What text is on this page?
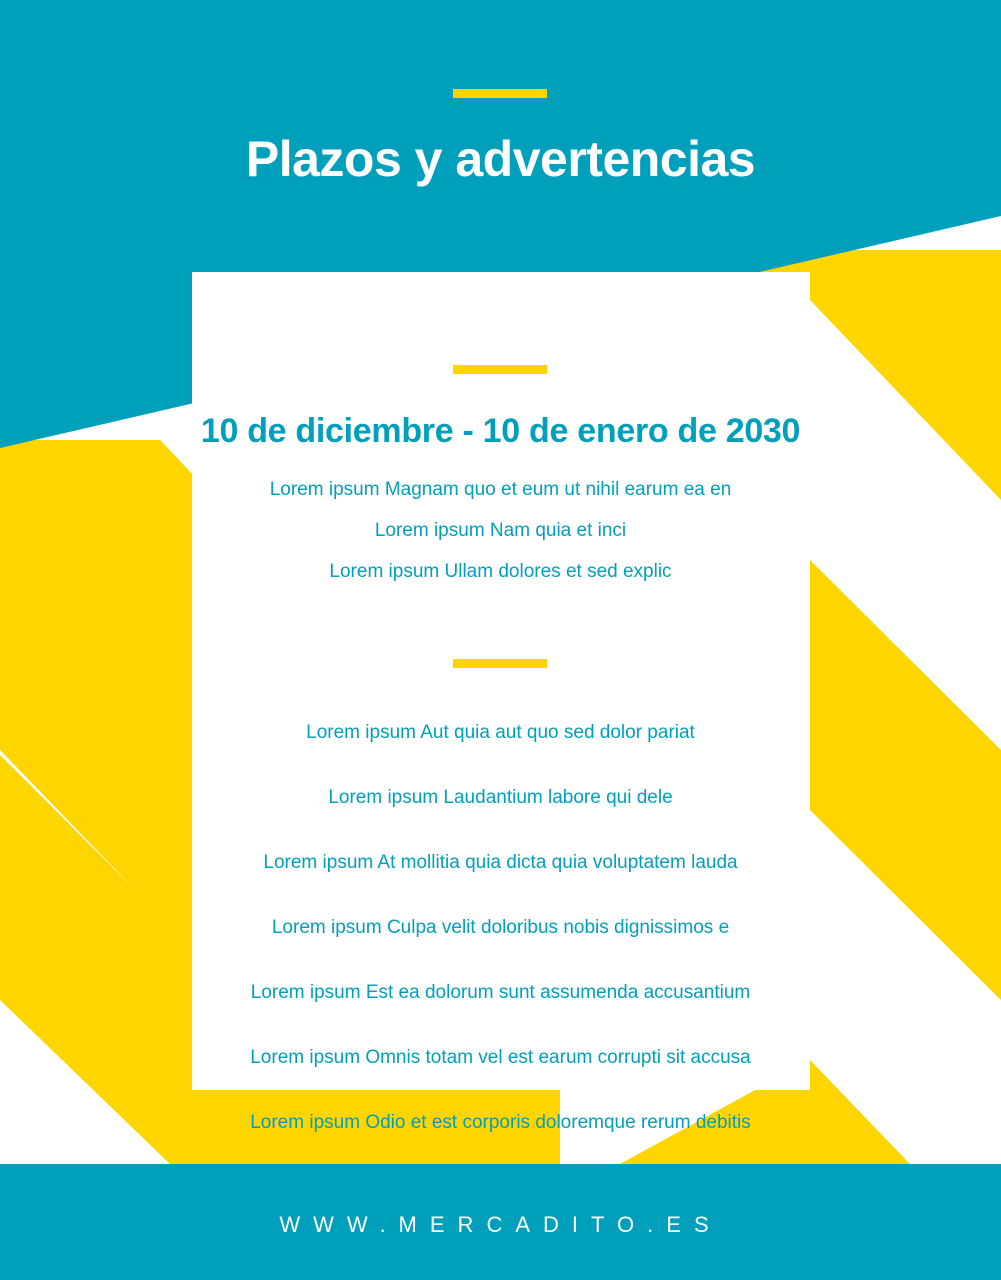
Plazos y advertencias
10 de diciembre - 10 de enero de 2030

Lorem ipsum Magnam quo et eum ut nihil earum ea en

Lorem ipsum Nam quia et inci

Lorem ipsum Ullam dolores et sed explic

Lorem ipsum Aut quia aut quo sed dolor pariat

Lorem ipsum Laudantium labore qui dele

Lorem ipsum At mollitia quia dicta quia voluptatem lauda

Lorem ipsum Culpa velit doloribus nobis dignissimos e

Lorem ipsum Est ea dolorum sunt assumenda accusantium

Lorem ipsum Omnis totam vel est earum corrupti sit accusa

Lorem ipsum Odio et est corporis doloremque rerum debitis

WWW.MERCADITO.ES
